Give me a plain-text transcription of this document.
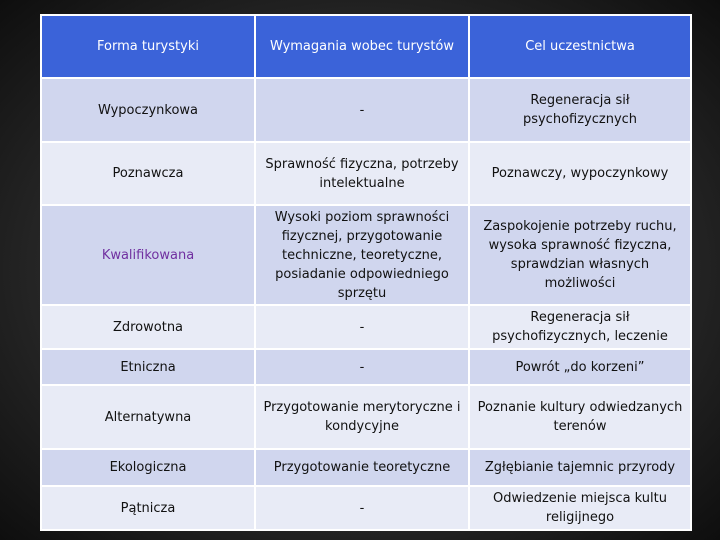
Forma turystyki	Wymagania wobec turystów	Cel uczestnictwa
Wypoczynkowa	-	Regeneracja sił psychofizycznych
Poznawcza	Sprawność fizyczna, potrzeby intelektualne	Poznawczy, wypoczynkowy
Kwalifikowana	Wysoki poziom sprawności fizycznej, przygotowanie techniczne, teoretyczne, posiadanie odpowiedniego sprzętu	Zaspokojenie potrzeby ruchu, wysoka sprawność fizyczna, sprawdzian własnych możliwości
Zdrowotna	-	Regeneracja sił psychofizycznych, leczenie
Etniczna	-	Powrót „do korzeni”
Alternatywna	Przygotowanie merytoryczne i kondycyjne	Poznanie kultury odwiedzanych terenów
Ekologiczna	Przygotowanie teoretyczne	Zgłębianie tajemnic przyrody
Pątnicza	-	Odwiedzenie miejsca kultu religijnego
